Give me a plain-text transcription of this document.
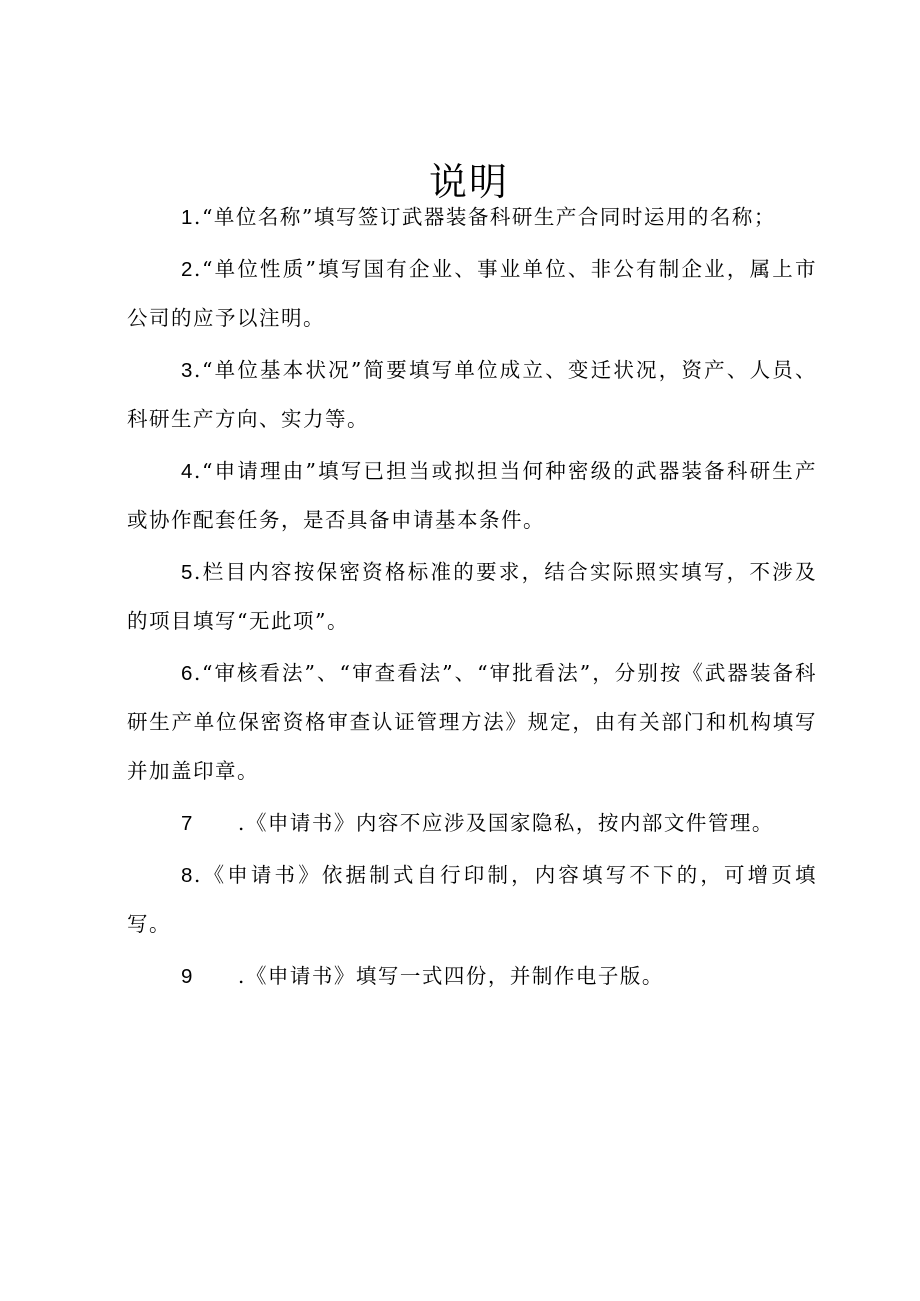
说明

1.“单位名称”填写签订武器装备科研生产合同时运用的名称；

2.“单位性质”填写国有企业、事业单位、非公有制企业，属上市公司的应予以注明。

3.“单位基本状况”简要填写单位成立、变迁状况，资产、人员、科研生产方向、实力等。

4.“申请理由”填写已担当或拟担当何种密级的武器装备科研生产或协作配套任务，是否具备申请基本条件。

5.栏目内容按保密资格标准的要求，结合实际照实填写，不涉及的项目填写“无此项”。

6.“审核看法”、“审查看法”、“审批看法”，分别按《武器装备科研生产单位保密资格审查认证管理方法》规定，由有关部门和机构填写并加盖印章。

7 .《申请书》内容不应涉及国家隐私，按内部文件管理。

8.《申请书》依据制式自行印制，内容填写不下的，可增页填写。

9 .《申请书》填写一式四份，并制作电子版。
